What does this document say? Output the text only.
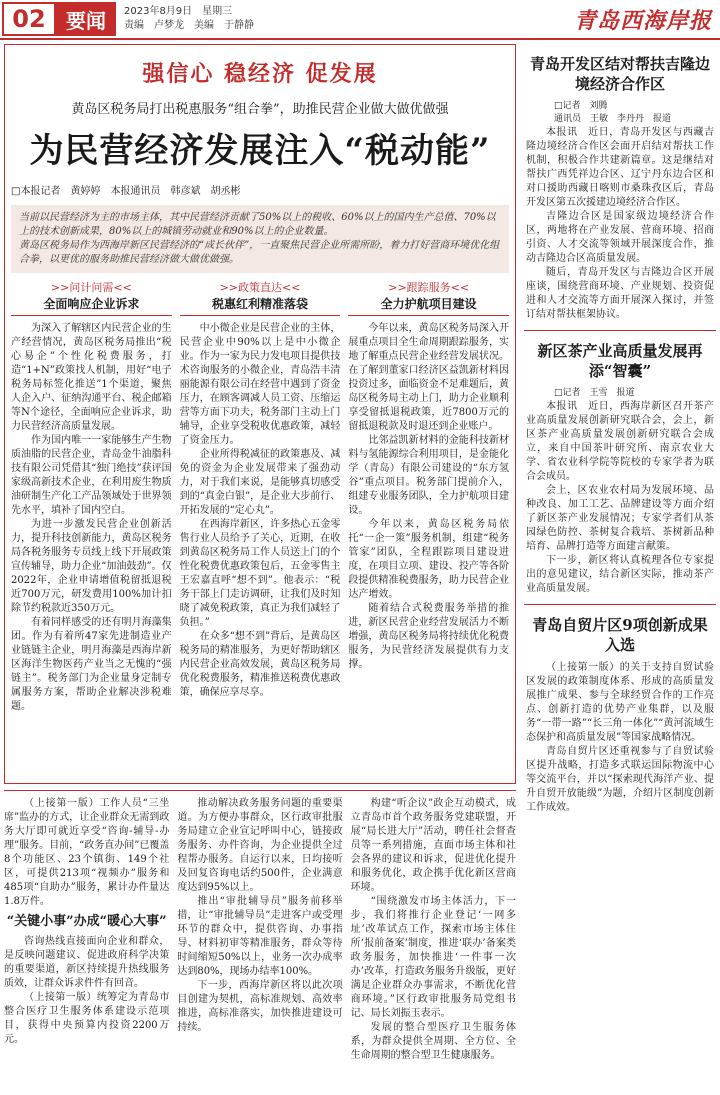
02	要闻	2023年8月9日　星期三
责编　卢梦龙　美编　于静静	青岛西海岸报
强信心 稳经济 促发展
黄岛区税务局打出税惠服务“组合拳”，助推民营企业做大做优做强
为民营经济发展注入“税动能”
□本报记者　黄婷婷　本报通讯员　韩彦斌　胡丞彬

当前以民营经济为主的市场主体，其中民营经济贡献了50%以上的税收、60%以上的国内生产总值、70%以上的技术创新成果，80%以上的城镇劳动就业和90%以上的企业数量。

黄岛区税务局作为西海岸新区民营经济的“成长伙伴”，一直聚焦民营企业所需所盼，着力打好营商环境优化组合拳，以更优的服务助推民营经济做大做优做强。

>>问计问需<<
全面响应企业诉求

为深入了解辖区内民营企业的生产经营情况，黄岛区税务局推出“税心易企”个性化税费服务，打造“1+N”政策找人机制，用好“电子税务局标签化推送”1个渠道，聚焦人企入户、征纳沟通平台、税企邮箱等N个途径，全面响应企业诉求，助力民营经济高质量发展。

作为国内唯一一家能够生产生物质油脂的民营企业，青岛金牛油脂科技有限公司凭借其“独门绝技”获评国家级高新技术企业，在利用废生物质油研制生产化工产品领域处于世界领先水平，填补了国内空白。

为进一步激发民营企业创新活力，提升科技创新能力，黄岛区税务局各税务服务专员线上线下开展政策宣传辅导，助力企业“加油鼓劲”。仅2022年，企业申请增值税留抵退税近700万元，研发费用100%加计扣除节约税款近350万元。

有着同样感受的还有明月海藻集团。作为有着所47家先进制造业产业链链主企业，明月海藻是西海岸新区海洋生物医药产业当之无愧的“强链主”。税务部门为企业量身定制专属服务方案，帮助企业解决涉税难题。

>>政策直达<<
税惠红利精准落袋

中小微企业是民营企业的主体，民营企业中90%以上是中小微企业。作为一家为民力发电项目提供技术咨询服务的小微企业，青岛浩丰清丽能源有限公司在经营中遇到了资金压力，在顾客调减人员工资、压缩运营等方面下功夫，税务部门主动上门辅导，企业享受税收优惠政策，减轻了资金压力。

企业所得税减征的政策惠及、减免的资金为企业发展带来了强劲动力，对于我们来说，是能够真切感受到的“真金白银”，是企业大步前行、开拓发展的“定心丸”。

在西海岸新区，许多热心五金零售行业人员给予了关心，近期，在收到黄岛区税务局工作人员送上门的个性化税费优惠政策包后，五金零售主王宏嘉直呼“想不到”。他表示：“税务干部上门走访调研，让我们及时知晓了减免税政策，真正为我们减轻了负担。”

在众多“想不到”背后，是黄岛区税务局的精准服务，为更好帮助辖区内民营企业高效发展，黄岛区税务局优化税费服务，精准推送税费优惠政策，确保应享尽享。

>>跟踪服务<<
全力护航项目建设

今年以来，黄岛区税务局深入开展重点项目全生命周期跟踪服务，实地了解重点民营企业经营发展状况。在了解到董家口经济区益凯新材料因投资过多，面临资金不足难题后，黄岛区税务局主动上门，助力企业顺利享受留抵退税政策，近7800万元的留抵退税款及时退还到企业账户。

比邻益凯新材料的金能科技新材料与氢能源综合利用项目，是金能化学（青岛）有限公司建设的“东方氢谷”重点项目。税务部门提前介入，组建专业服务团队，全力护航项目建设。

今年以来，黄岛区税务局依托“一企一策”服务机制，组建“税务管家”团队，全程跟踪项目建设进度，在项目立项、建设、投产等各阶段提供精准税费服务，助力民营企业达产增效。

随着结合式税费服务举措的推进，新区民营企业经营发展活力不断增强，黄岛区税务局将持续优化税费服务，为民营经济发展提供有力支撑。

（上接第一版）工作人员“三坐席”监办的方式，让企业群众无需到政务大厅即可就近享受“咨询-辅导-办理”服务。目前，“政务直办间”已覆盖8个功能区、23个镇街、149个社区，可提供213项“视频办”服务和485项“自助办”服务，累计办件量达1.8万件。

“关键小事”办成“暖心大事”

咨询热线直接面向企业和群众，是反映问题建议、促进政府科学决策的重要渠道，新区持续提升热线服务质效，让群众诉求件件有回音。

（上接第一版）统筹定为青岛市整合医疗卫生服务体系建设示范项目，获得中央预算内投资2200万元。

推动解决政务服务问题的重要渠道。为方便办事群众，区行政审批服务局建立企业宣记呼叫中心，链接政务服务、办件咨询，为企业提供全过程帮办服务。自运行以来，日均接听及回复咨询电话约500件，企业满意度达到95%以上。

推出“审批辅导员”服务前移举措，让“审批辅导员”走进客户或受理环节的群众中，提供咨询、办事指导、材料初审等精准服务，群众等待时间缩短50%以上，业务一次办成率达到80%，现场办结率100%。

下一步，西海岸新区将以此次项目创建为契机，高标准规划、高效率推进，高标准落实，加快推进建设可持续。

构建“听企议”政企互动模式，成立青岛市首个政务服务党建联盟，开展“局长进大厅”活动，聘任社会督查员等一系列措施，直面市场主体和社会各界的建议和诉求，促进优化提升和服务优化，政企携手优化新区营商环境。

“围绕激发市场主体活力，下一步，我们将推行企业登记‘一网多址’改革试点工作，探索市场主体住所‘报前备案’制度，推进‘联办’备案类政务服务，加快推进‘一件事一次办’改革，打造政务服务升级版，更好满足企业群众办事需求，不断优化营商环境。”区行政审批服务局党组书记、局长刘振玉表示。

发展的整合型医疗卫生服务体系，为群众提供全周期、全方位、全生命周期的整合型卫生健康服务。

青岛开发区结对帮扶吉隆边境经济合作区
□记者　刘腾
通讯员　王敏　李丹丹　报道

本报讯　近日，青岛开发区与西藏吉隆边境经济合作区会面开启结对帮扶工作机制，积极合作共建新篇章。这是继结对帮扶广西凭祥边合区、辽宁丹东边合区和对口援助西藏日喀则市桑珠孜区后，青岛开发区第五次援建边境经济合作区。

吉隆边合区是国家级边境经济合作区，两地将在产业发展、营商环境、招商引资、人才交流等领域开展深度合作，推动吉隆边合区高质量发展。

随后，青岛开发区与吉隆边合区开展座谈，围绕营商环境、产业规划、投资促进和人才交流等方面开展深入探讨，并签订结对帮扶框架协议。

新区茶产业高质量发展再添“智囊”
□记者　王雪　报道

本报讯　近日，西海岸新区召开茶产业高质量发展创新研究联合会，会上，新区茶产业高质量发展创新研究联合会成立，来自中国茶叶研究所、南京农业大学、省农业科学院等院校的专家学者为联合会成员。

会上，区农业农村局为发展环境、品种改良、加工工艺、品牌建设等方面介绍了新区茶产业发展情况；专家学者们从茶园绿色防控、茶树复合栽培、茶树新品种培育、品牌打造等方面建言献策。

下一步，新区将认真梳理各位专家提出的意见建议，结合新区实际，推动茶产业高质量发展。

青岛自贸片区9项创新成果入选

（上接第一版）的关于支持自贸试验区发展的政策制度体系、形成的高质量发展推广成果、参与全球经贸合作的工作亮点、创新打造的优势产业集群，以及服务“一带一路”“长三角一体化”“黄河流域生态保护和高质量发展”等国家战略情况。

青岛自贸片区还重视参与了自贸试验区提升战略，打造多式联运国际物流中心等交流平台，并以“探索现代海洋产业、提升自贸开放能级”为题，介绍片区制度创新工作成效。
